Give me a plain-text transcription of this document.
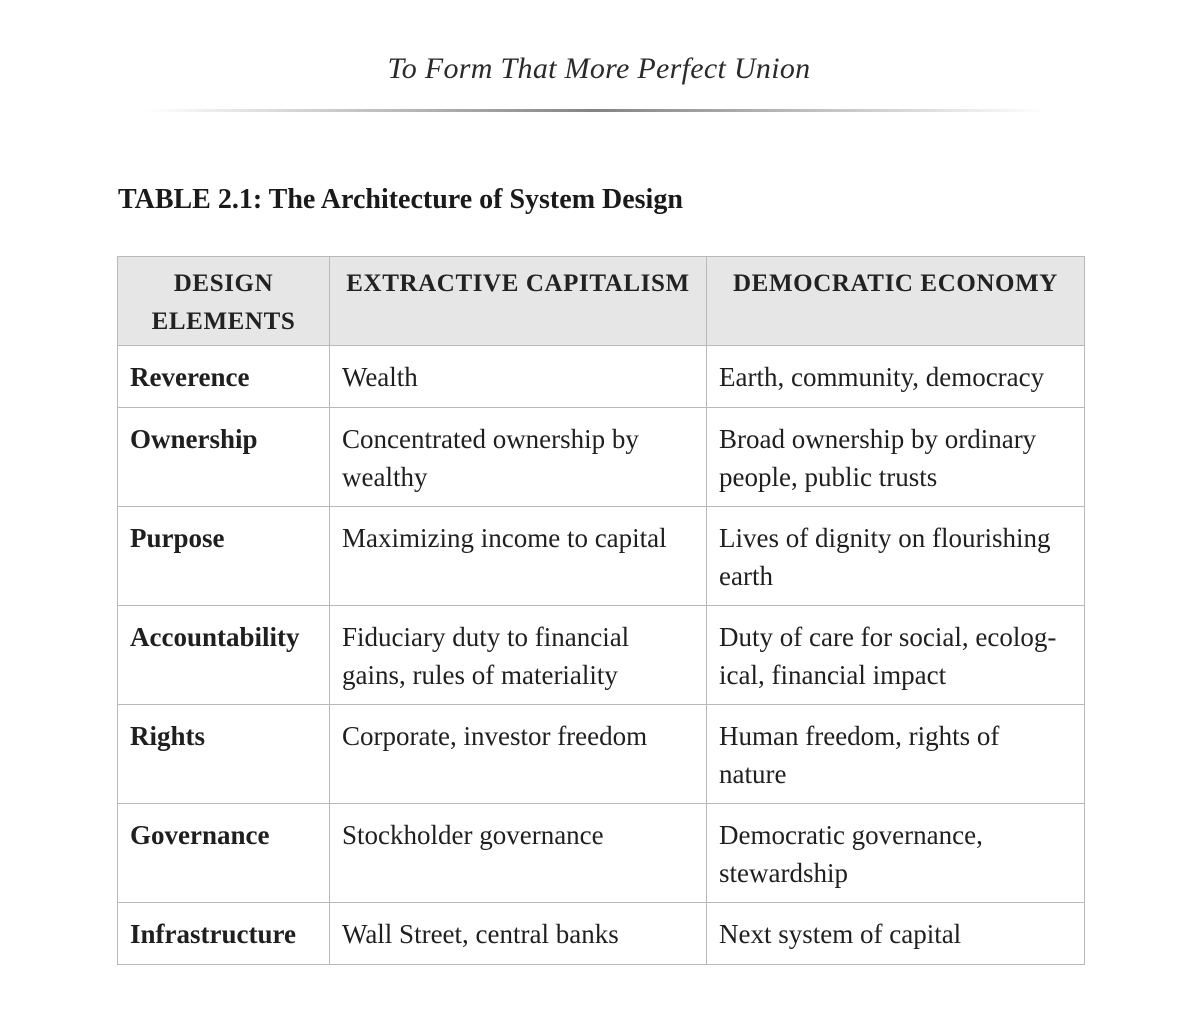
To Form That More Perfect Union
TABLE 2.1: The Architecture of System Design
DESIGN ELEMENTS	EXTRACTIVE CAPITALISM	DEMOCRATIC ECONOMY
Reverence	Wealth	Earth, community, democracy
Ownership	Concentrated ownership by wealthy	Broad ownership by ordinary people, public trusts
Purpose	Maximizing income to capital	Lives of dignity on flourishing earth
Accountability	Fiduciary duty to financial gains, rules of materiality	Duty of care for social, ecolog-ical, financial impact
Rights	Corporate, investor freedom	Human freedom, rights of nature
Governance	Stockholder governance	Democratic governance, stewardship
Infrastructure	Wall Street, central banks	Next system of capital
